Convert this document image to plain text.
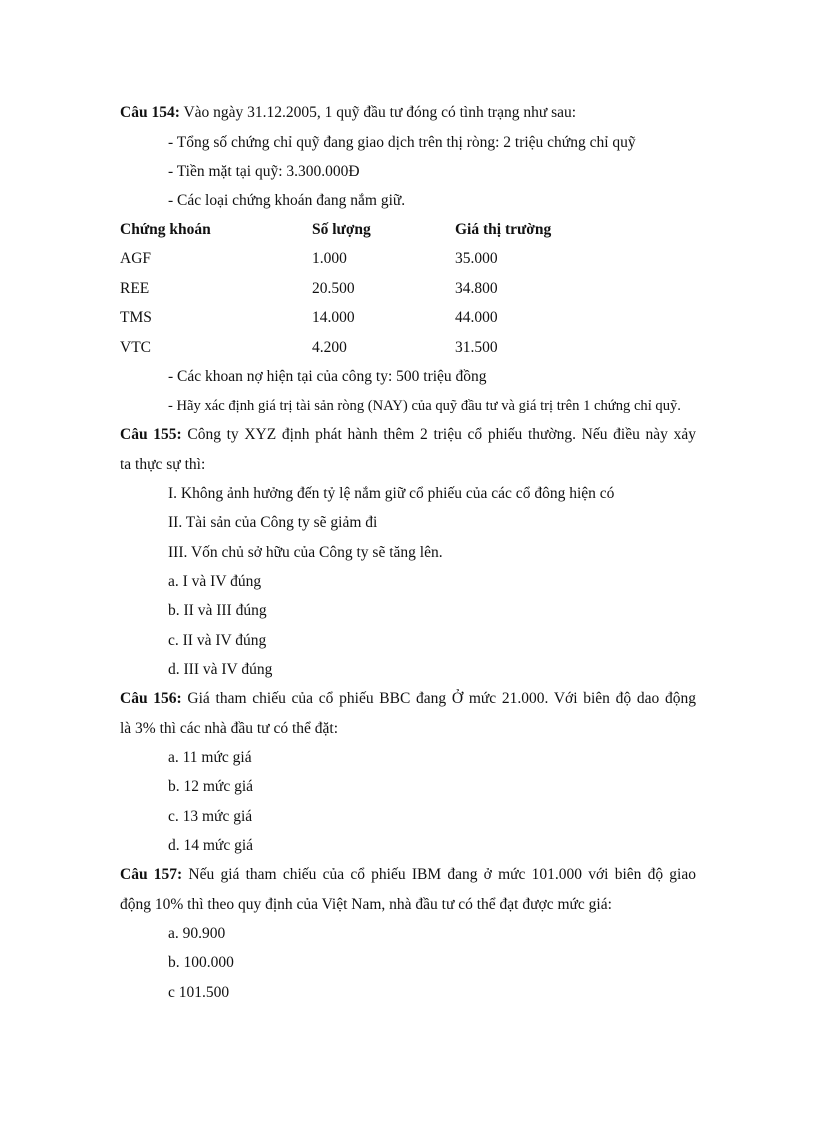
Câu 154: Vào ngày 31.12.2005, 1 quỹ đầu tư đóng có tình trạng như sau:
- Tổng số chứng chỉ quỹ đang giao dịch trên thị ròng: 2 triệu chứng chỉ quỹ
- Tiền mặt tại quỹ: 3.300.000Đ
- Các loại chứng khoán đang nắm giữ.
Chứng khoán	Số lượng	Giá thị trường
AGF	1.000	35.000
REE	20.500	34.800
TMS	14.000	44.000
VTC	4.200	31.500
- Các khoan nợ hiện tại của công ty: 500 triệu đồng
- Hãy xác định giá trị tài sản ròng (NAY) của quỹ đầu tư và giá trị trên 1 chứng chỉ quỹ.
Câu 155: Công ty XYZ định phát hành thêm 2 triệu cổ phiếu thường. Nếu điều này xảy
ta thực sự thì:
I. Không ảnh hưởng đến tỷ lệ nắm giữ cổ phiếu của các cổ đông hiện có
II. Tài sản của Công ty sẽ giảm đi
III. Vốn chủ sở hữu của Công ty sẽ tăng lên.
a. I và IV đúng
b. II và III đúng
c. II và IV đúng
d. III và IV đúng
Câu 156: Giá tham chiếu của cổ phiếu BBC đang Ở mức 21.000. Với biên độ dao động
là 3% thì các nhà đầu tư có thể đặt:
a. 11 mức giá
b. 12 mức giá
c. 13 mức giá
d. 14 mức giá
Câu 157: Nếu giá tham chiếu của cổ phiếu IBM đang ở mức 101.000 với biên độ giao
động 10% thì theo quy định của Việt Nam, nhà đầu tư có thể đạt được mức giá:
a. 90.900
b. 100.000
c 101.500
